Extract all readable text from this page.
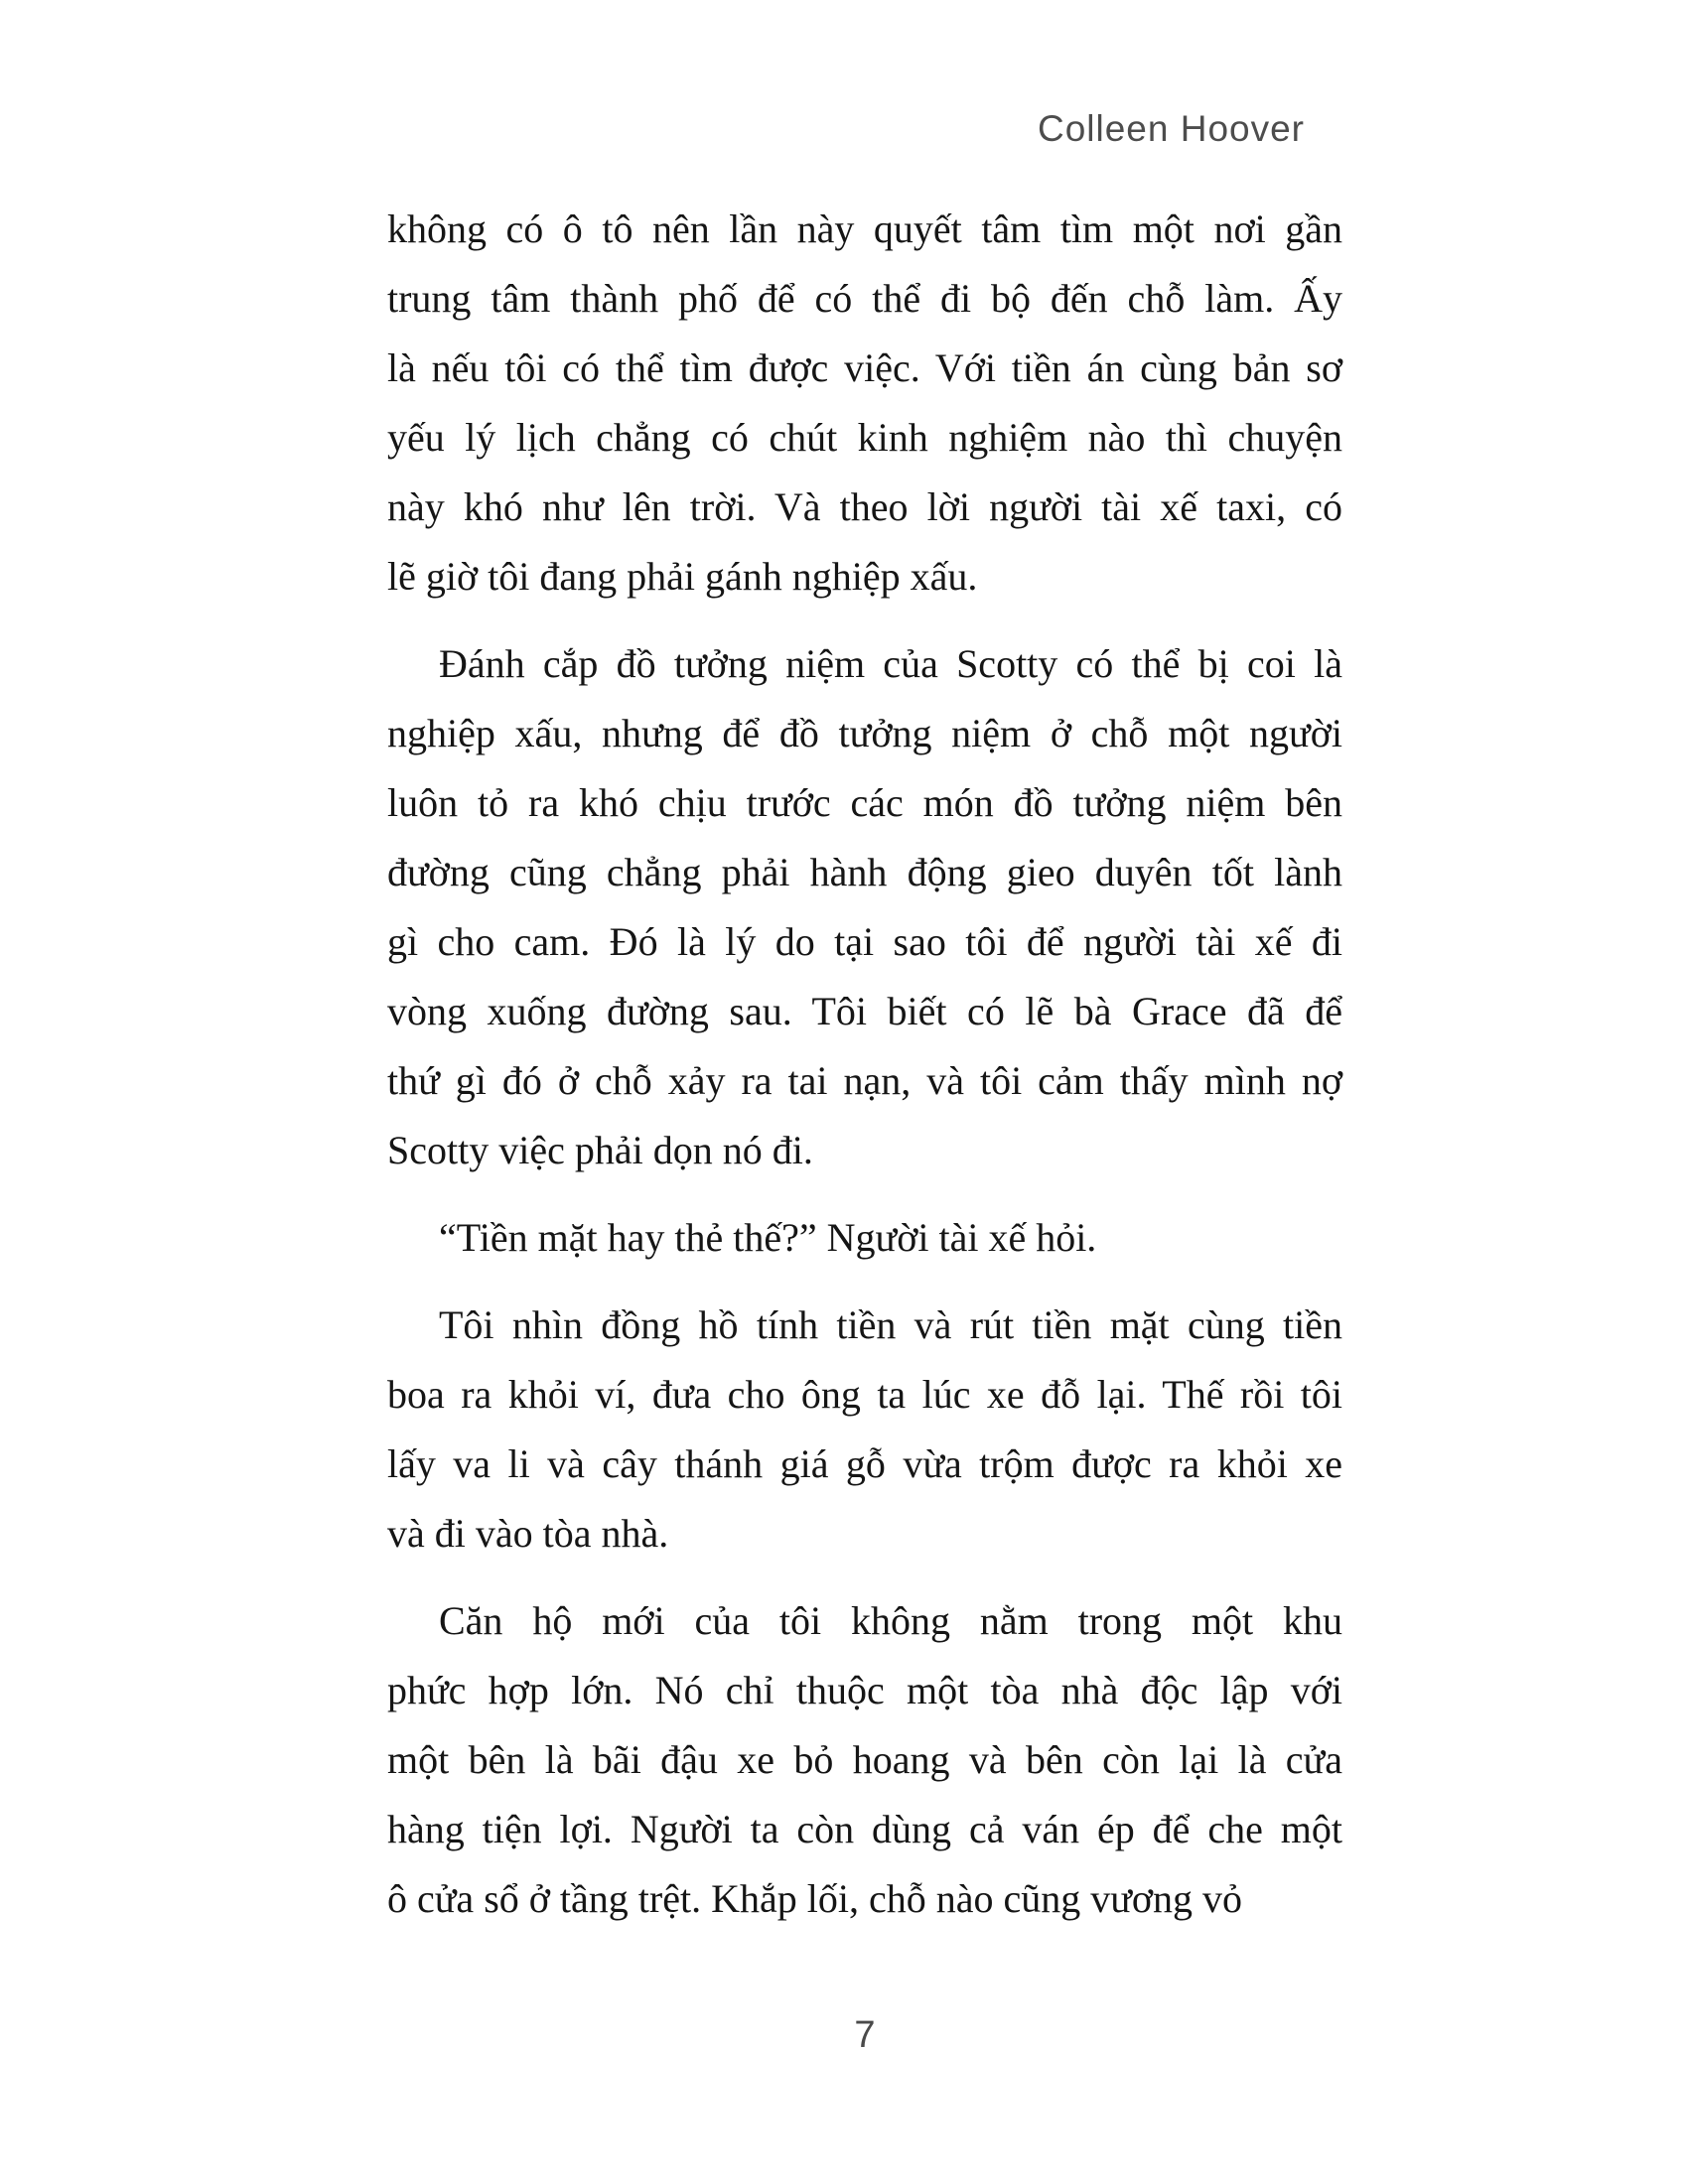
Colleen Hoover
không có ô tô nên lần này quyết tâm tìm một nơi gần
trung tâm thành phố để có thể đi bộ đến chỗ làm. Ấy
là nếu tôi có thể tìm được việc. Với tiền án cùng bản sơ
yếu lý lịch chẳng có chút kinh nghiệm nào thì chuyện
này khó như lên trời. Và theo lời người tài xế taxi, có
lẽ giờ tôi đang phải gánh nghiệp xấu.
Đánh cắp đồ tưởng niệm của Scotty có thể bị coi là
nghiệp xấu, nhưng để đồ tưởng niệm ở chỗ một người
luôn tỏ ra khó chịu trước các món đồ tưởng niệm bên
đường cũng chẳng phải hành động gieo duyên tốt lành
gì cho cam. Đó là lý do tại sao tôi để người tài xế đi
vòng xuống đường sau. Tôi biết có lẽ bà Grace đã để
thứ gì đó ở chỗ xảy ra tai nạn, và tôi cảm thấy mình nợ
Scotty việc phải dọn nó đi.
“Tiền mặt hay thẻ thế?” Người tài xế hỏi.
Tôi nhìn đồng hồ tính tiền và rút tiền mặt cùng tiền
boa ra khỏi ví, đưa cho ông ta lúc xe đỗ lại. Thế rồi tôi
lấy va li và cây thánh giá gỗ vừa trộm được ra khỏi xe
và đi vào tòa nhà.
Căn hộ mới của tôi không nằm trong một khu
phức hợp lớn. Nó chỉ thuộc một tòa nhà độc lập với
một bên là bãi đậu xe bỏ hoang và bên còn lại là cửa
hàng tiện lợi. Người ta còn dùng cả ván ép để che một
ô cửa sổ ở tầng trệt. Khắp lối, chỗ nào cũng vương vỏ
7
